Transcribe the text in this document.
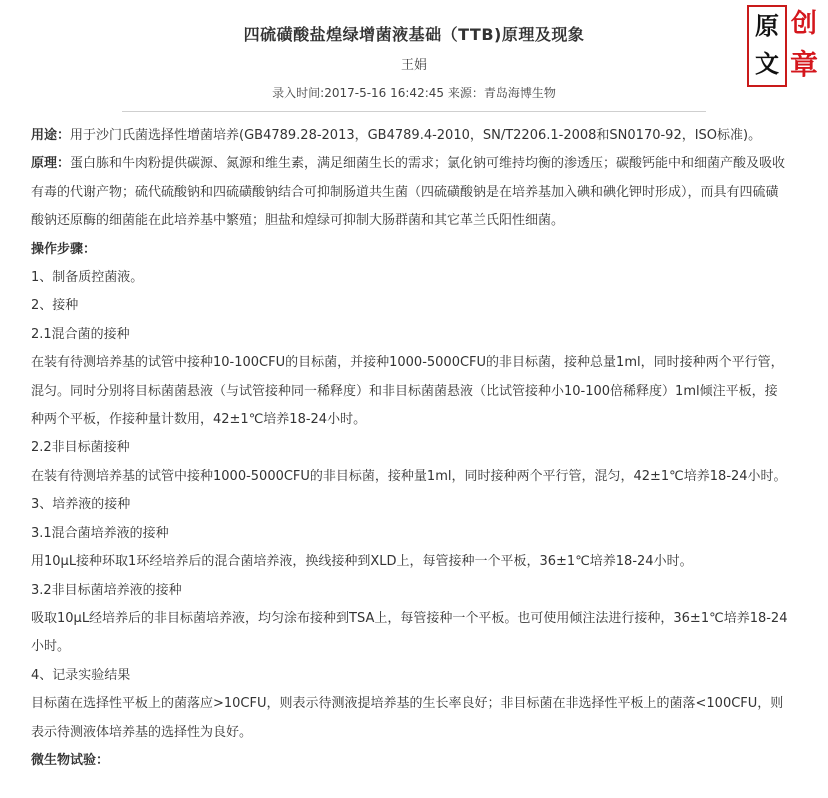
四硫磺酸盐煌绿增菌液基础（TTB)原理及现象
王娟
录入时间:2017-5-16 16:42:45 来源：青岛海博生物
原 创
文 章

用途：用于沙门氏菌选择性增菌培养(GB4789.28-2013，GB4789.4-2010，SN/T2206.1-2008和SN0170-92，ISO标准)。

原理：蛋白胨和牛肉粉提供碳源、氮源和维生素，满足细菌生长的需求；氯化钠可维持均衡的渗透压；碳酸钙能中和细菌产酸及吸收有毒的代谢产物；硫代硫酸钠和四硫磺酸钠结合可抑制肠道共生菌（四硫磺酸钠是在培养基加入碘和碘化钾时形成），而具有四硫磺酸钠还原酶的细菌能在此培养基中繁殖；胆盐和煌绿可抑制大肠群菌和其它革兰氏阳性细菌。

操作步骤：

1、制备质控菌液。

2、接种

2.1混合菌的接种

在装有待测培养基的试管中接种10-100CFU的目标菌，并接种1000-5000CFU的非目标菌，接种总量1ml，同时接种两个平行管，混匀。同时分别将目标菌菌悬液（与试管接种同一稀释度）和非目标菌菌悬液（比试管接种小10-100倍稀释度）1ml倾注平板，接种两个平板，作接种量计数用，42±1℃培养18-24小时。

2.2非目标菌接种

在装有待测培养基的试管中接种1000-5000CFU的非目标菌，接种量1ml，同时接种两个平行管，混匀，42±1℃培养18-24小时。

3、培养液的接种

3.1混合菌培养液的接种

用10μL接种环取1环经培养后的混合菌培养液，换线接种到XLD上，每管接种一个平板，36±1℃培养18-24小时。

3.2非目标菌培养液的接种

吸取10μL经培养后的非目标菌培养液，均匀涂布接种到TSA上，每管接种一个平板。也可使用倾注法进行接种，36±1℃培养18-24小时。

4、记录实验结果

目标菌在选择性平板上的菌落应>10CFU，则表示待测液提培养基的生长率良好；非目标菌在非选择性平板上的菌落<100CFU，则表示待测液体培养基的选择性为良好。

微生物试验：
